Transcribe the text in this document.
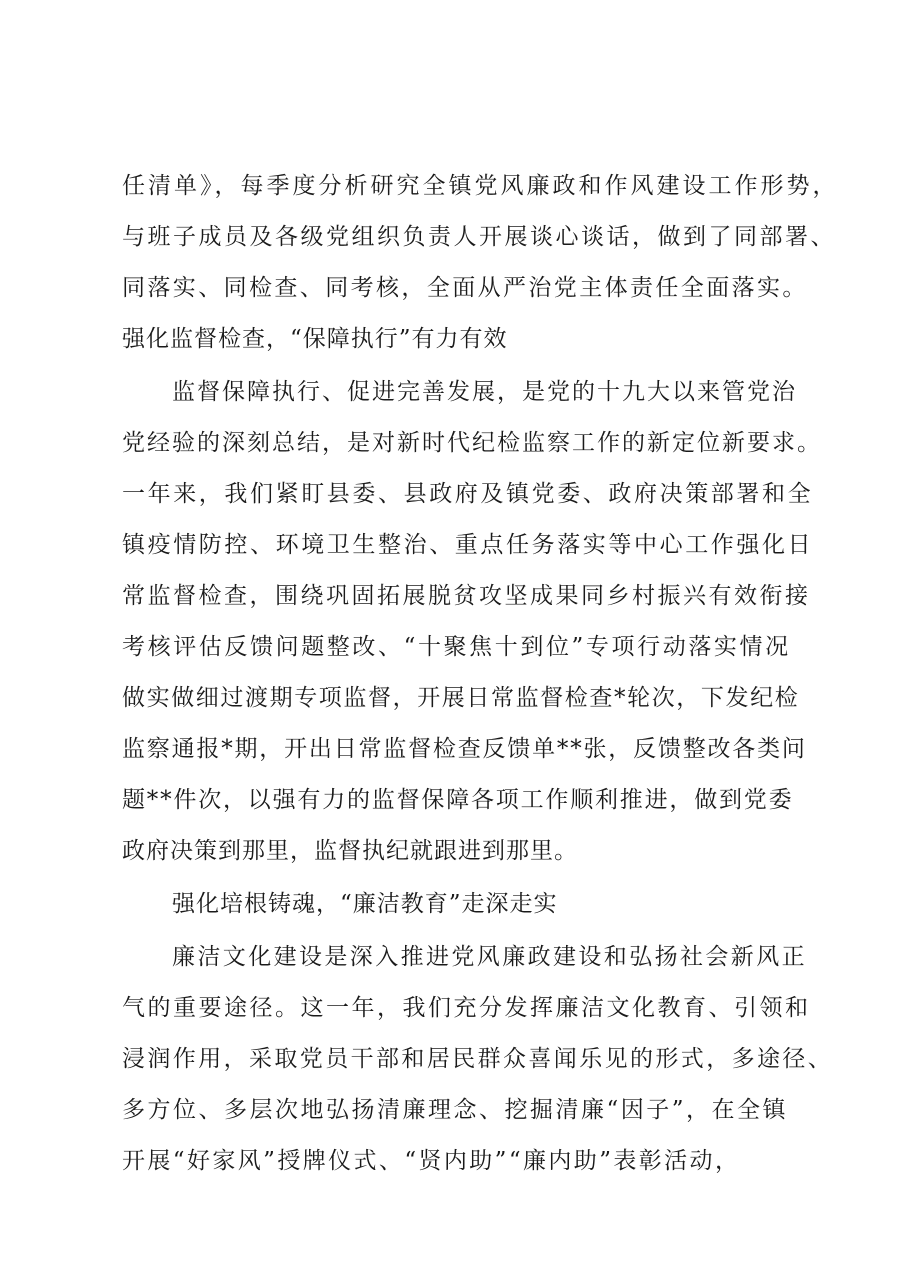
任清单》，每季度分析研究全镇党风廉政和作风建设工作形势，
与班子成员及各级党组织负责人开展谈心谈话，做到了同部署、
同落实、同检查、同考核，全面从严治党主体责任全面落实。
强化监督检查，“保障执行”有力有效
监督保障执行、促进完善发展，是党的十九大以来管党治
党经验的深刻总结，是对新时代纪检监察工作的新定位新要求。
一年来，我们紧盯县委、县政府及镇党委、政府决策部署和全
镇疫情防控、环境卫生整治、重点任务落实等中心工作强化日
常监督检查，围绕巩固拓展脱贫攻坚成果同乡村振兴有效衔接
考核评估反馈问题整改、“十聚焦十到位”专项行动落实情况
做实做细过渡期专项监督，开展日常监督检查*轮次，下发纪检
监察通报*期，开出日常监督检查反馈单**张，反馈整改各类问
题**件次，以强有力的监督保障各项工作顺利推进，做到党委
政府决策到那里，监督执纪就跟进到那里。
强化培根铸魂，“廉洁教育”走深走实
廉洁文化建设是深入推进党风廉政建设和弘扬社会新风正
气的重要途径。这一年，我们充分发挥廉洁文化教育、引领和
浸润作用，采取党员干部和居民群众喜闻乐见的形式，多途径、
多方位、多层次地弘扬清廉理念、挖掘清廉“因子”，在全镇
开展“好家风”授牌仪式、“贤内助”“廉内助”表彰活动，
